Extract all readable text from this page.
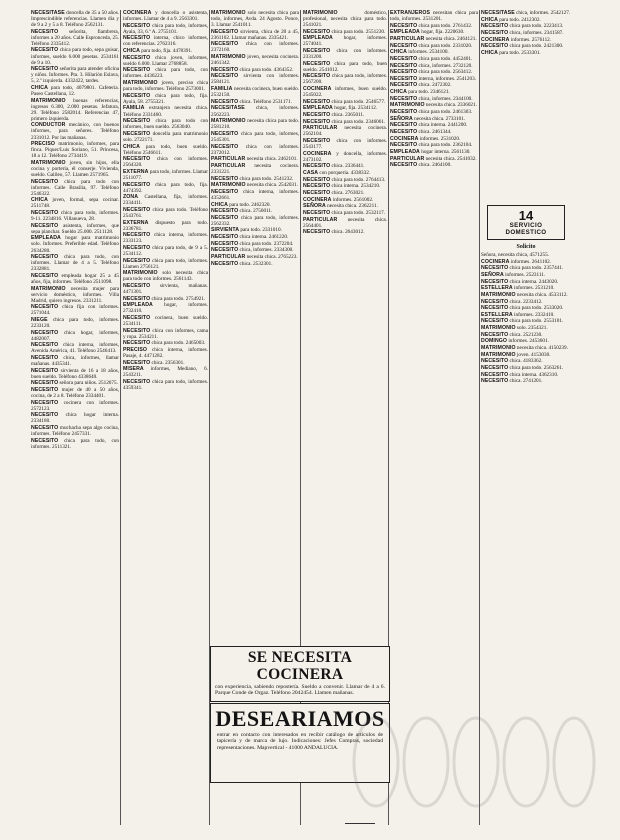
NECESITASE doncella de 35 a 50 años. Imprescindible referencias. Llamen día y de 9 a 2 y 5 a 8. Teléfono 2562131.

NECESITO señorita, fiambrera, informes a 20 años. Calle Espronceda, 25. Teléfono 2335412.

NECESITO chica para todo, sepa guisar, informes, sueldo 6.000 pesetas. 2534161 de 9 a 10.

NECESITO señorita para atender oficina y niños. Informes. Pta. 3. Hilarión Eslava, 5, 2.º izquierda. 4332422, tardes.

CHICA para todo, 4079801. Cafetería. Paseo Castellana, 12.

MATRIMONIO buenas referencias, ingresos 6.300, 2.000 pesetas. Jefatura, 29. Teléfono 2582014. Referencias 47, primero izquierda.

CONDUCTOR mecánico, con buenos informes, para señores. Teléfono 2331012. Por las mañanas.

PRECISO matrimonio, informes, para finca. Piquer/Luis Soriano, 51. Princesa, 18 a 12. Teléfono 2734419.

MATRIMONIO joven, sin hijos, ella cocina y portería, él conserje. Vivienda, sueldo. Galileo, 57. Llamen 2571965.

NECESITO chica para todo con informes. Calle Brasilia, 97. Teléfono 2546322.

CHICA joven, formal, sepa cocinar. 2511748.

NECESITO chica para todo, informes. 9-11. 2234816. Villanueva, 28.

NECESITO asistenta, informes, que sepa planchar. Sueldo 25.000. 2511128.

EMPLEADA hogar para matrimonio solo. Informes. Preferible edad. Teléfono 2634280.

NECESITO chica para todo, con informes. Llamar de 4 a 5. Teléfono 2332881.

NECESITO empleada hogar 25 a 45 años, fija, informes. Teléfono 2511098.

MATRIMONIO necesita mujer para servicio doméstico, informes. Villa Madrid, quiero ingresos. 2331211.

NECESITO chica fija con informes. 2571044.

NIEGE chica para todo, informes. 2233120.

NECESITO chica hogar, informes, 4482007.

NECESITO chica interna, informes, Avenida América, 41. Teléfono 2546413.

NECESITO chica, informes, llamar mañanas. 4435341.

NECESITO sirvienta de 16 a 18 años, buen sueldo. Teléfono 4338640.

NECESITO señora para niños. 2512675.

NECESITO mujer de 40 a 50 años, cocina, de 2 a 8. Teléfono 2334401.

NECESITO cocinera con informes. 2572123.

NECESITO chica hogar interna. 2334180.

NECESITO muchacha sepa algo cocina, informes. Teléfono 2457331.

NECESITO chica para todo, con informes. 2511321.

COCINERA y doncella o asistenta, informes. Llamar de 4 a 9. 2563301.

NECESITO chica para todo, informes, Ayala, 33, 6.º A. 2755101.

NECESITO interna, chico informes, con referencias. 2762316.

CHICA para todo, fija. 4478391.

NECESITO chica joven, informes, sueldo 6.000. Llamar 2768858.

NECESITO chica para todo, con informes. 4436223.

MATRIMONIO joven, preciso chica para todo, informes. Teléfono 2573001.

NECESITO chica para todo, fija. Ayala, 58. 2755321.

FAMILIA extranjera necesita chica. Teléfono 2331460.

NECESITO chica para todo con informes, buen sueldo. 2563040.

NECESITO doncella para matrimonio solo. 2722171.

CHICA para todo, buen sueldo. Teléfono 2546611.

NECESITO chica con informes. 2564320.

EXTERNA para todo, informes. Llamar 2511077.

NECESITO chica para todo, fija. 4474392.

ZONA Castellana, fija, informes. 2334411.

NECESITO chica para todo. Teléfono 2543761.

EXTERNA dispuesto para todo. 2336781.

NECESITO chica interna, informes. 2333123.

NECESITO chica para todo, de 9 a 5. 2534112.

NECESITO chica para todo, informes. Llamen 2756121.

MATRIMONIO solo necesita chica para todo con informes. 2561143.

NECESITO sirvienta, mañanas. 4471301.

NECESITO chica para todo. 2754921.

EMPLEADA hogar, informes. 2732410.

NECESITO cocinera, buen sueldo. 2534111.

NECESITO chica con informes, cama y ropa. 2534211.

NECESITO chica para todo. 2465003.

PRECISO chica interna, informes. Pasaje, 4. 4471282.

NECESITO chica. 2356301.

MISERA informes, Mediano, 6. 2543211.

NECESITO chica para todo, informes. 4359341.

MATRIMONIO solo necesita chica para todo, informes, Avda. 24 Agosto. Ponce, 3. Llamar 2541011.

NECESITO sirvienta, chica de 20 a 45, 2361102. Llamar mañanas. 2335421.

NECESITO chica con informes. 2372160.

MATRIMONIO joven, necesita cocinera. 2461342.

NECESITO chica para todo. 4364352.

NECESITO sirvienta con informes. 2584121.

FAMILIA necesita cocinera, buen sueldo. 2532150.

NECESITO chica. Teléfono 2531171.

NECESITASE chica, informes. 2562223.

MATRIMONIO necesita chica para todo. 2581210.

NECESITO chica para todo, informes, 2545301.

NECESITO chica con informes. 2372012.

PARTICULAR necesita chica. 2462101.

PARTICULAR necesita cocinera. 2331221.

NECESITO chica para todo. 2541232.

MATRIMONIO necesita chica. 2542031.

NECESITO chica interna, informes. 4352661.

CHICA para todo. 2462320.

NECESITO chica. 2756011.

NECESITO chica para todo, informes. 2562332.

SIRVIENTA para todo. 2331010.

NECESITO chica interna. 2461220.

NECESITO chica para todo. 2372204.

NECESITO chica, informes. 2334300.

PARTICULAR necesita chica. 2765223.

NECESITO chica. 2532301.

MATRIMONIO	doméstico, profesional, necesita chica para todo. 2541021.

NECESITO chica para todo. 2551230.

EMPLEADA hogar, informes. 2574041.

NECESITO chica con informes. 2331200.

NECESITO chica para todo, buen sueldo. 2541012.

NECESITO chica para todo, informes. 2567200.

COCINERA informes, buen sueldo. 2545022.

NECESITO chica para todo. 2546577.

EMPLEADA hogar, fija. 2534112.

NECESITO chica. 2365011.

NECESITO chica para todo. 2346061.

PARTICULAR necesita cocinera. 2562104.

NECESITO chica con informes. 2543177.

COCINERA y doncella, informes. 2473102.

NECESITO chica. 2336441.

CASA con porquería. 4338332.

NECESITO chica para todo. 2764413.

NECESITO chica interna. 2534210.

NECESITO chica. 2763021.

COCINERA informes. 2561002.

SEÑORA necesita chica. 2362211.

NECESITO chica para todo. 2532117.

PARTICULAR necesita chica. 2564401.

NECESITO chica. 2643012.

EXTRANJEROS necesitan chica para todo, informes. 2531201.

NECESITO chica para todo. 2761432.

EMPLEADA hogar, fija. 2220630.

PARTICULAR necesita chica. 2464121.

NECESITO chica para todo. 2331020.

CHICA informes. 2534100.

NECESITO chica para todo. 4452401.

NECESITO chica, informes. 2732120.

NECESITO chica para todo. 2563412.

NECESITO interna, informes. 2541203.

NECESITO chica. 2472302.

CHICA para todo. 2346121.

NECESITO chica, informes. 2344100.

MATRIMONIO necesita chica. 2336021.

NECESITO chica para todo. 2461303.

SEÑORA necesita chica. 2733101.

NECESITO chica interna. 2441200.

NECESITO chica. 2461344.

COCINERA informes. 2531020.

NECESITO chica para todo. 2362104.

EMPLEADA hogar interna. 2561130.

PARTICULAR necesita chica. 2541032.

NECESITO chica. 2464100.

NECESITASE chica, informes. 2542127.

CHICA para todo. 2412302.

NECESITO chica para todo. 2223413.

NECESITO chica, informes. 2341587.

COCINERA informes. 2576112.

NECESITO chica para todo. 2421300.

CHICA para todo. 2533301.

14
SERVICIO
DOMESTICO
Solicito

Señora, necesita chica, 4571255.

COCINERA informes. 2641102.

NECESITO chica para todo. 2357441.

SEÑORA informes. 2523111.

NECESITO chica interna. 2443020.

ESTELLERA informes. 2531210.

MATRIMONIO necesita chica. 4533112.

NECESITO chica. 2233412.

NECESITO chica para todo. 2533020.

ESTELLERA informes. 2332410.

NECESITO chica para todo. 2553101.

MATRIMONIO solo. 2354321.

NECESITO chica. 2521230.

DOMINGO informes. 2453601.

MATRIMONIO necesita chica. 4150239.

MATRIMONIO joven. 4153030.

NECESITO chica. 4183362.

NECESITO chica para todo. 2563261.

NECESITO chica interna. 4362310.

NECESITO chica. 2741201.

SE NECESITA COCINERA
con experiencia, sabiendo repostería. Sueldo a convenir. Llamar de 4 a 6. Parque Conde de Orgaz. Teléfono 2042454. Llamen mañanas.
DESEARIAMOS
entrar en contacto con interesados en recibir catálogo de artículos de tapicería y de marca de lujo. Indicaciones: Jefes Compras, sociedad representaciones. Mapvertical - 41000 ANDALUCIA.
